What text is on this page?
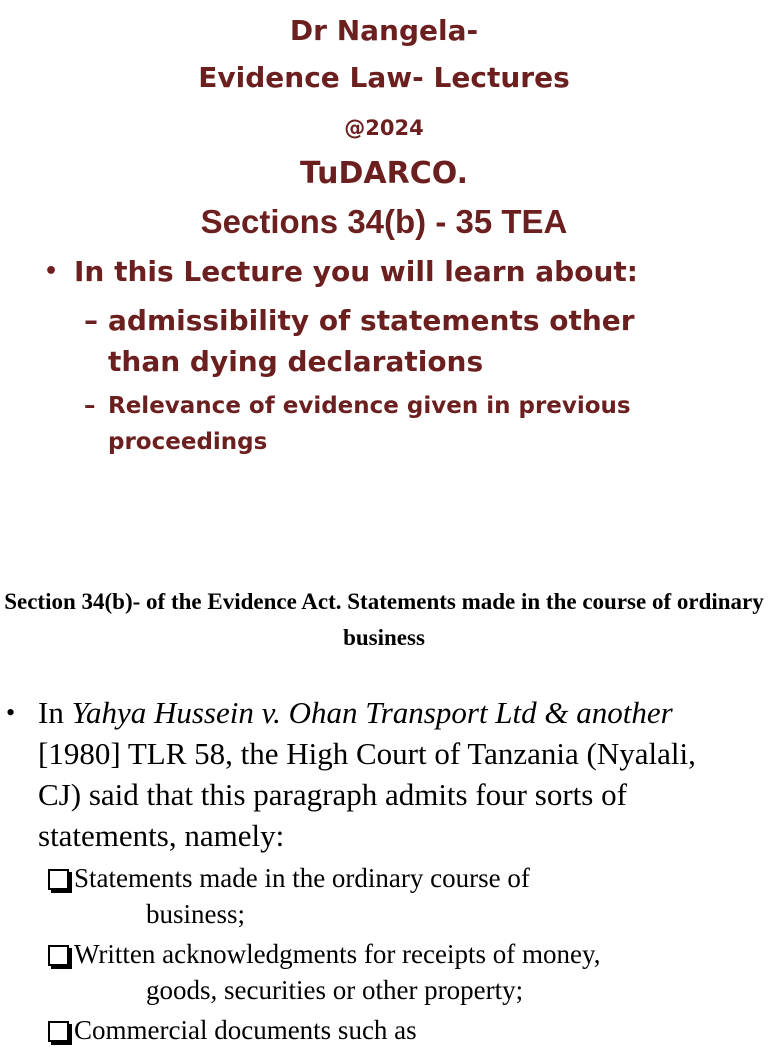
Dr Nangela-
Evidence Law- Lectures
@2024
TuDARCO.
Sections 34(b) - 35 TEA
• In this Lecture you will learn about:
– admissibility of statements other than dying declarations
– Relevance of evidence given in previous proceedings
Section 34(b)- of the Evidence Act. Statements made in the course of ordinary business
• In Yahya Hussein v. Ohan Transport Ltd & another [1980] TLR 58, the High Court of Tanzania (Nyalali, CJ) said that this paragraph admits four sorts of statements, namely:
Statements made in the ordinary course of
business;
Written acknowledgments for receipts of money,
goods, securities or other property;
Commercial documents such as
